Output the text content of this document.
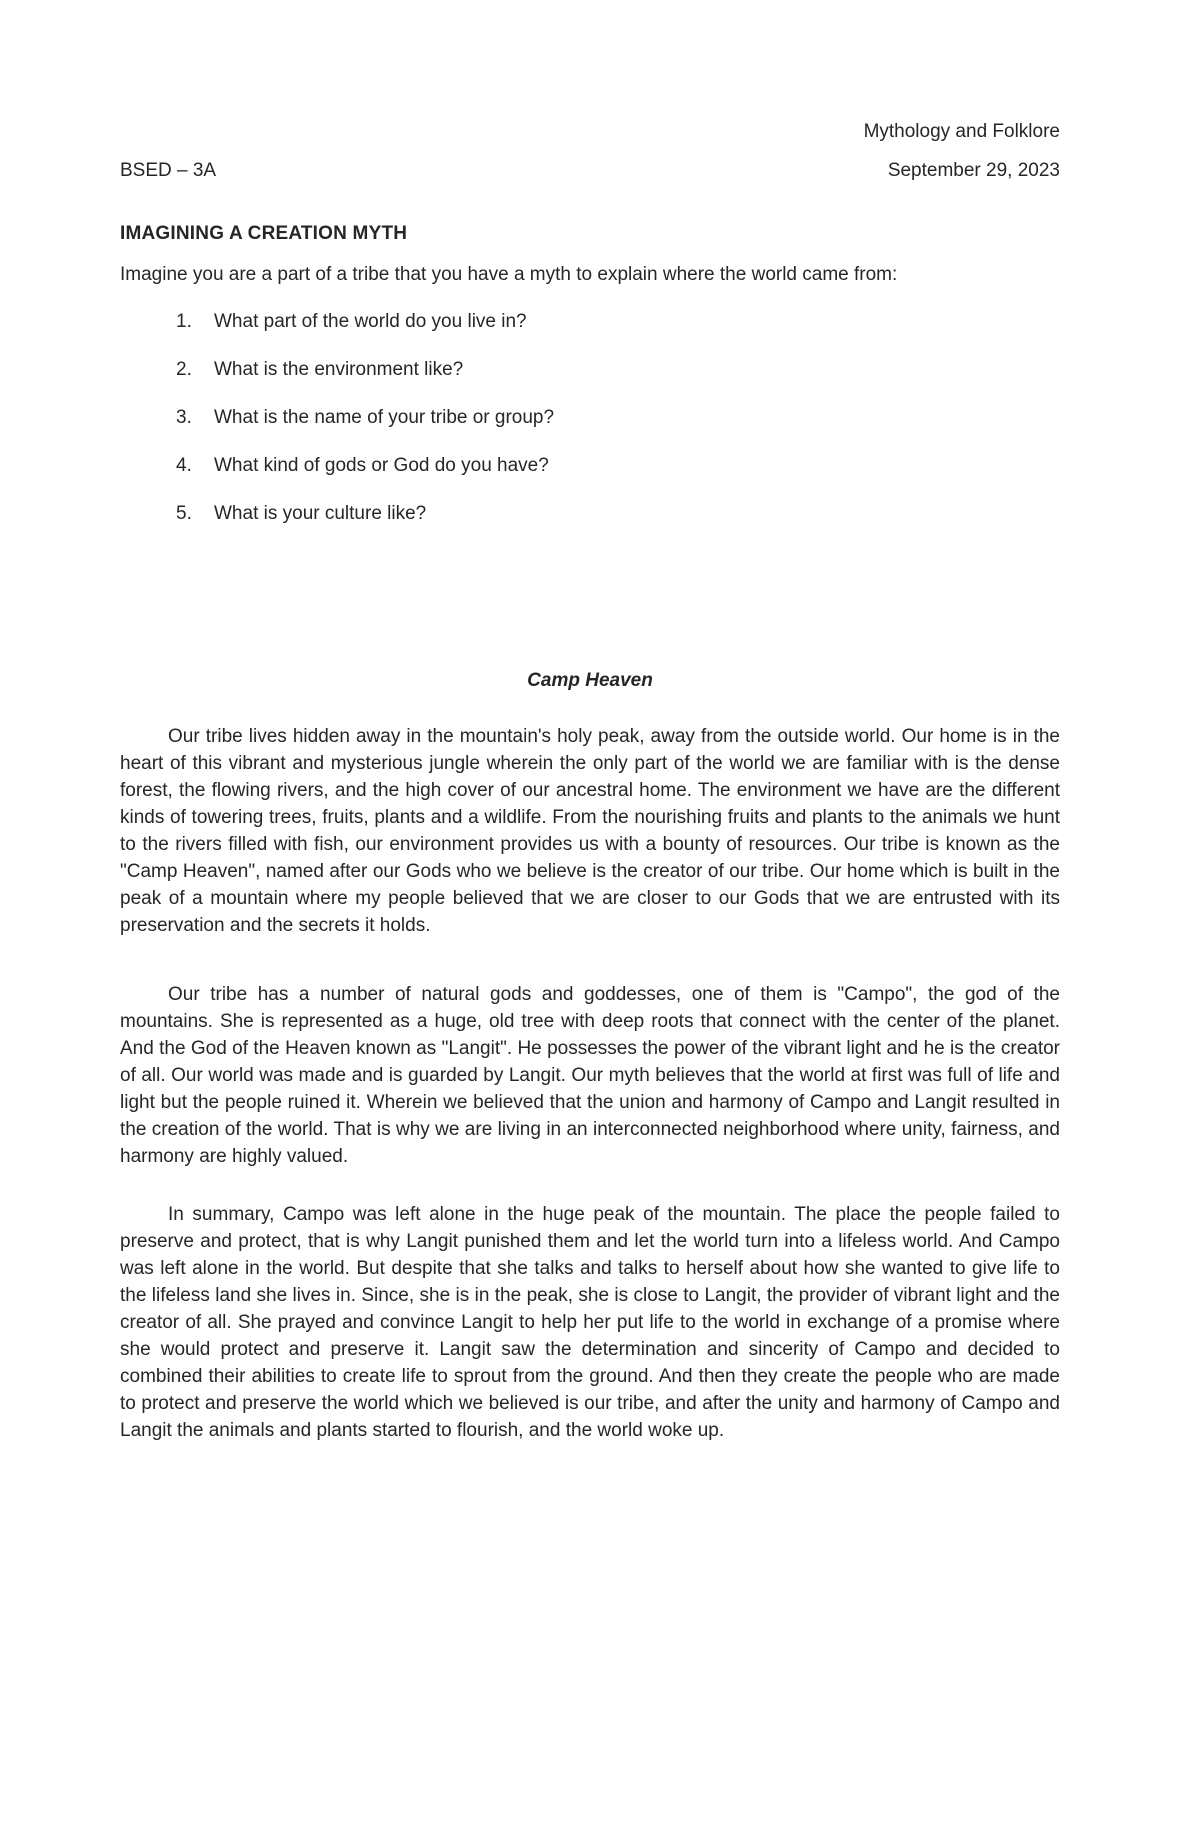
Mythology and Folklore
BSED – 3A	September 29, 2023
IMAGINING A CREATION MYTH
Imagine you are a part of a tribe that you have a myth to explain where the world came from:
What part of the world do you live in?
What is the environment like?
What is the name of your tribe or group?
What kind of gods or God do you have?
What is your culture like?
Camp Heaven

Our tribe lives hidden away in the mountain's holy peak, away from the outside world. Our home is in the heart of this vibrant and mysterious jungle wherein the only part of the world we are familiar with is the dense forest, the flowing rivers, and the high cover of our ancestral home. The environment we have are the different kinds of towering trees, fruits, plants and a wildlife. From the nourishing fruits and plants to the animals we hunt to the rivers filled with fish, our environment provides us with a bounty of resources. Our tribe is known as the "Camp Heaven", named after our Gods who we believe is the creator of our tribe. Our home which is built in the peak of a mountain where my people believed that we are closer to our Gods that we are entrusted with its preservation and the secrets it holds.

Our tribe has a number of natural gods and goddesses, one of them is "Campo", the god of the mountains. She is represented as a huge, old tree with deep roots that connect with the center of the planet. And the God of the Heaven known as "Langit". He possesses the power of the vibrant light and he is the creator of all. Our world was made and is guarded by Langit. Our myth believes that the world at first was full of life and light but the people ruined it. Wherein we believed that the union and harmony of Campo and Langit resulted in the creation of the world. That is why we are living in an interconnected neighborhood where unity, fairness, and harmony are highly valued.

In summary, Campo was left alone in the huge peak of the mountain. The place the people failed to preserve and protect, that is why Langit punished them and let the world turn into a lifeless world. And Campo was left alone in the world. But despite that she talks and talks to herself about how she wanted to give life to the lifeless land she lives in. Since, she is in the peak, she is close to Langit, the provider of vibrant light and the creator of all. She prayed and convince Langit to help her put life to the world in exchange of a promise where she would protect and preserve it. Langit saw the determination and sincerity of Campo and decided to combined their abilities to create life to sprout from the ground. And then they create the people who are made to protect and preserve the world which we believed is our tribe, and after the unity and harmony of Campo and Langit the animals and plants started to flourish, and the world woke up.
